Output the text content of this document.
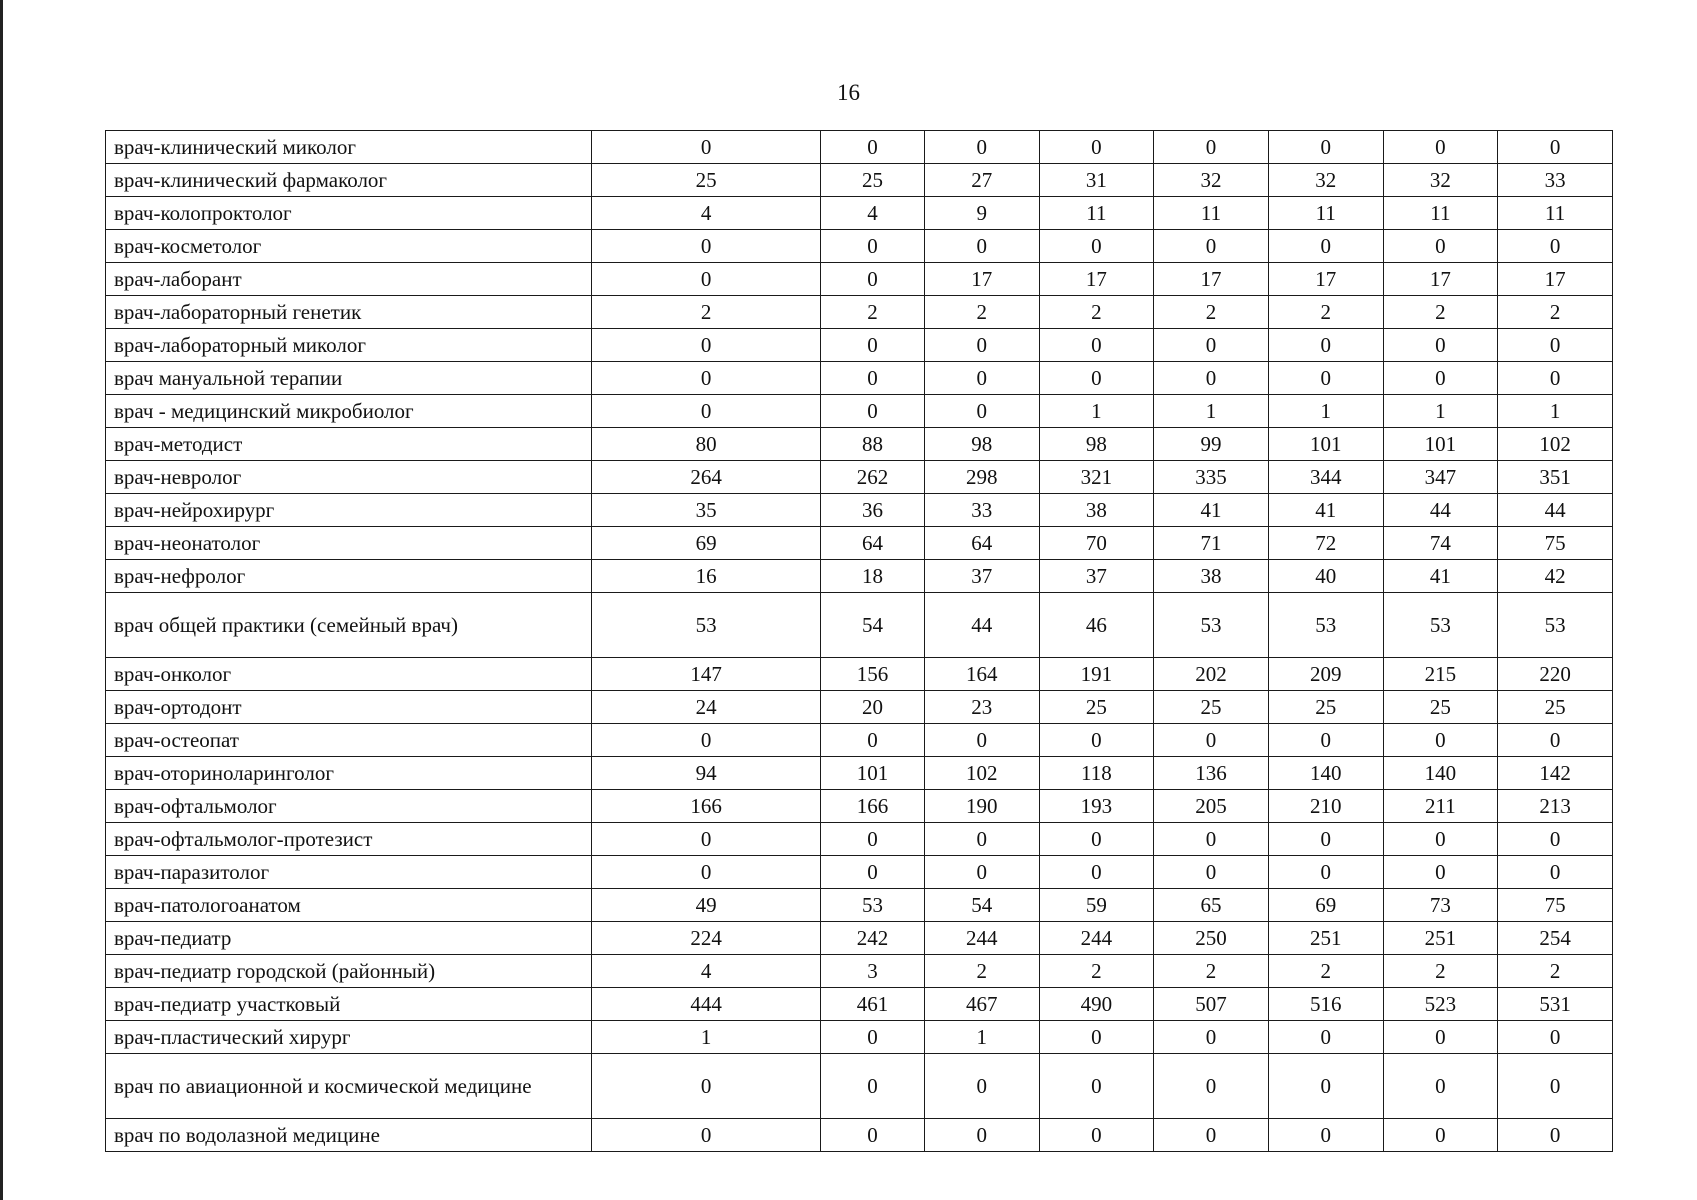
16
врач-клинический миколог	0	0	0	0	0	0	0	0
врач-клинический фармаколог	25	25	27	31	32	32	32	33
врач-колопроктолог	4	4	9	11	11	11	11	11
врач-косметолог	0	0	0	0	0	0	0	0
врач-лаборант	0	0	17	17	17	17	17	17
врач-лабораторный генетик	2	2	2	2	2	2	2	2
врач-лабораторный миколог	0	0	0	0	0	0	0	0
врач мануальной терапии	0	0	0	0	0	0	0	0
врач - медицинский микробиолог	0	0	0	1	1	1	1	1
врач-методист	80	88	98	98	99	101	101	102
врач-невролог	264	262	298	321	335	344	347	351
врач-нейрохирург	35	36	33	38	41	41	44	44
врач-неонатолог	69	64	64	70	71	72	74	75
врач-нефролог	16	18	37	37	38	40	41	42
врач общей практики (семейный врач)	53	54	44	46	53	53	53	53
врач-онколог	147	156	164	191	202	209	215	220
врач-ортодонт	24	20	23	25	25	25	25	25
врач-остеопат	0	0	0	0	0	0	0	0
врач-оториноларинголог	94	101	102	118	136	140	140	142
врач-офтальмолог	166	166	190	193	205	210	211	213
врач-офтальмолог-протезист	0	0	0	0	0	0	0	0
врач-паразитолог	0	0	0	0	0	0	0	0
врач-патологоанатом	49	53	54	59	65	69	73	75
врач-педиатр	224	242	244	244	250	251	251	254
врач-педиатр городской (районный)	4	3	2	2	2	2	2	2
врач-педиатр участковый	444	461	467	490	507	516	523	531
врач-пластический хирург	1	0	1	0	0	0	0	0
врач по авиационной и космической медицине	0	0	0	0	0	0	0	0
врач по водолазной медицине	0	0	0	0	0	0	0	0
